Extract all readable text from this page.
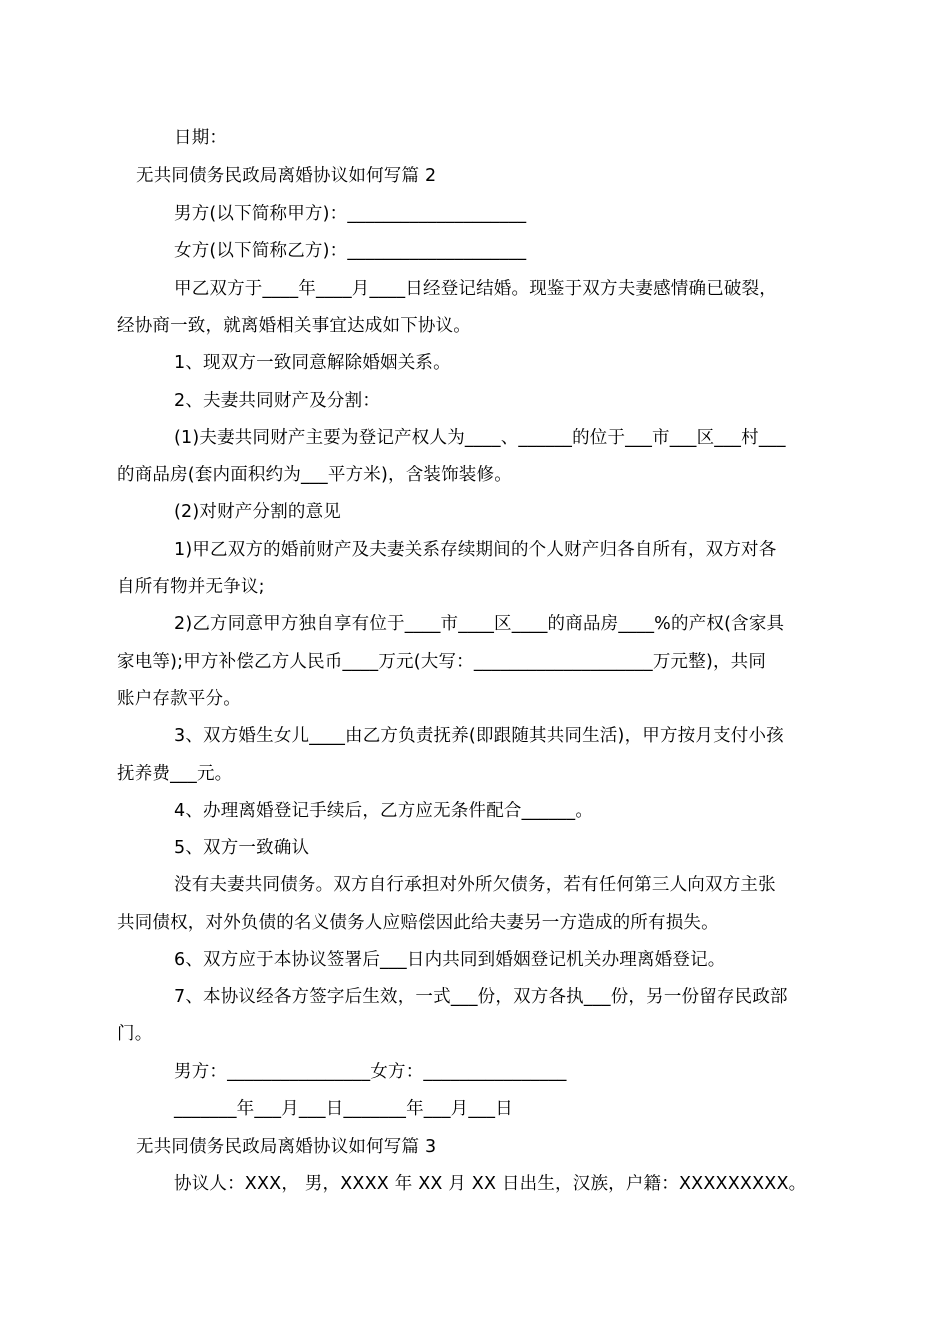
日期：
无共同债务民政局离婚协议如何写篇 2
男方(以下简称甲方)：____________________
女方(以下简称乙方)：____________________
甲乙双方于____年____月____日经登记结婚。现鉴于双方夫妻感情确已破裂，
经协商一致，就离婚相关事宜达成如下协议。
1、现双方一致同意解除婚姻关系。
2、夫妻共同财产及分割：
(1)夫妻共同财产主要为登记产权人为____、______的位于___市___区___村___
的商品房(套内面积约为___平方米)，含装饰装修。
(2)对财产分割的意见
1)甲乙双方的婚前财产及夫妻关系存续期间的个人财产归各自所有，双方对各
自所有物并无争议;
2)乙方同意甲方独自享有位于____市____区____的商品房____%的产权(含家具
家电等);甲方补偿乙方人民币____万元(大写：____________________万元整)，共同
账户存款平分。
3、双方婚生女儿____由乙方负责抚养(即跟随其共同生活)，甲方按月支付小孩
抚养费___元。
4、办理离婚登记手续后，乙方应无条件配合______。
5、双方一致确认
没有夫妻共同债务。双方自行承担对外所欠债务，若有任何第三人向双方主张
共同债权，对外负债的名义债务人应赔偿因此给夫妻另一方造成的所有损失。
6、双方应于本协议签署后___日内共同到婚姻登记机关办理离婚登记。
7、本协议经各方签字后生效，一式___份，双方各执___份，另一份留存民政部
门。
男方：________________女方：________________
_______年___月___日_______年___月___日
无共同债务民政局离婚协议如何写篇 3
协议人：XXX， 男，XXXX 年 XX 月 XX 日出生，汉族，户籍：XXXXXXXXX。
